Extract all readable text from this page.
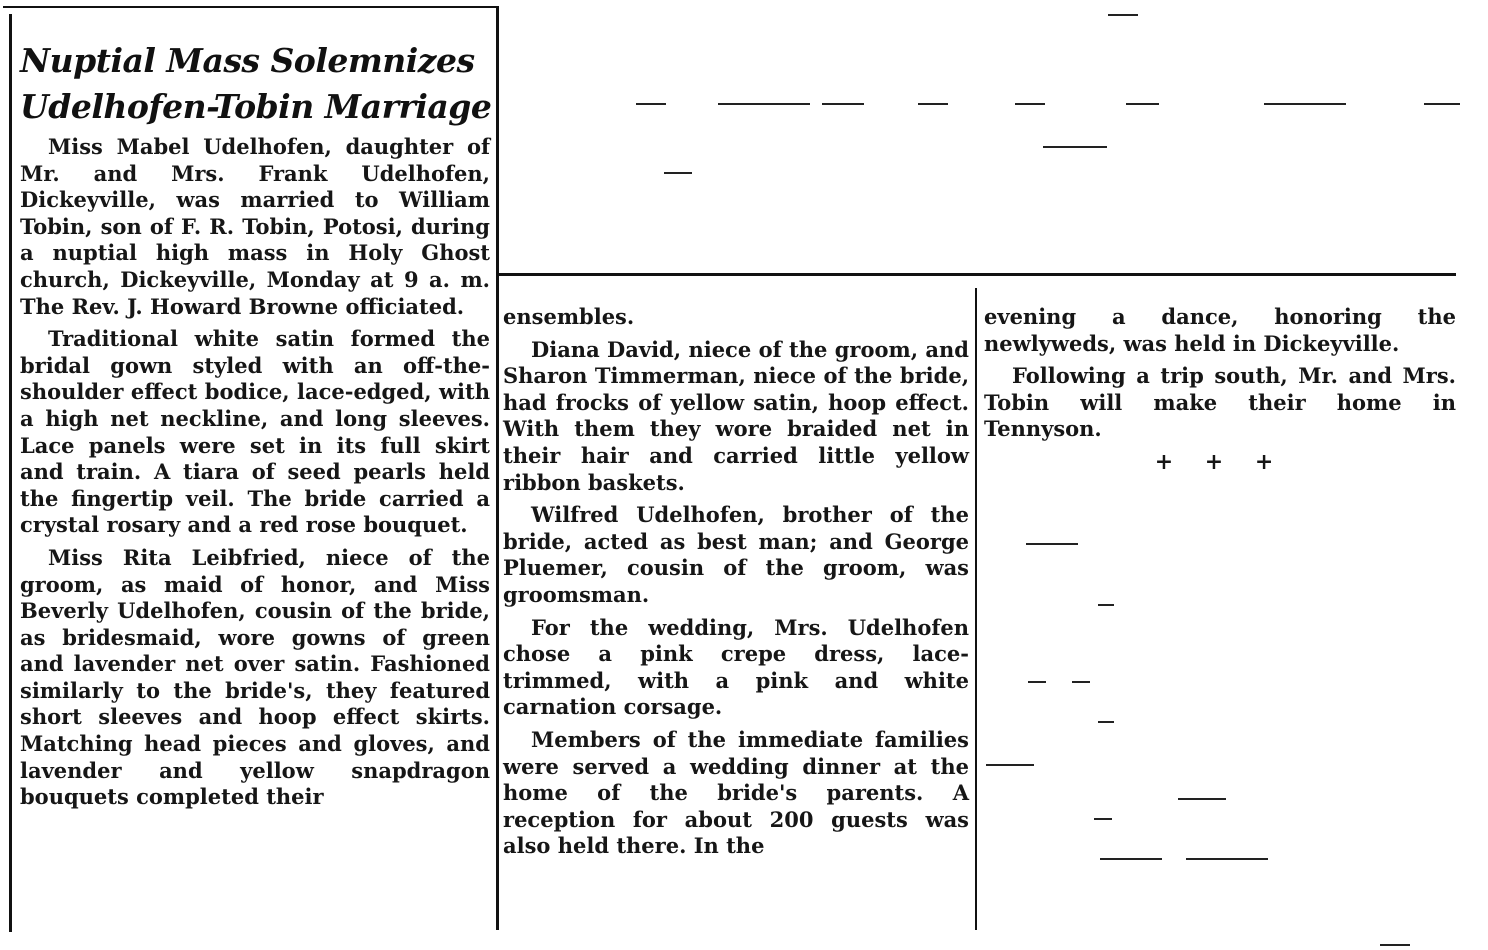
Nuptial Mass Solemnizes
Udelhofen-Tobin Marriage

Miss Mabel Udelhofen, daughter of Mr. and Mrs. Frank Udelhofen, Dickeyville, was married to William Tobin, son of F. R. Tobin, Potosi, during a nuptial high mass in Holy Ghost church, Dickeyville, Monday at 9 a. m. The Rev. J. Howard Browne officiated.

Traditional white satin formed the bridal gown styled with an off-the-shoulder effect bodice, lace-edged, with a high net neckline, and long sleeves. Lace panels were set in its full skirt and train. A tiara of seed pearls held the fingertip veil. The bride carried a crystal rosary and a red rose bouquet.

Miss Rita Leibfried, niece of the groom, as maid of honor, and Miss Beverly Udelhofen, cousin of the bride, as bridesmaid, wore gowns of green and lavender net over satin. Fashioned similarly to the bride's, they featured short sleeves and hoop effect skirts. Matching head pieces and gloves, and lavender and yellow snapdragon bouquets completed their

ensembles.

Diana David, niece of the groom, and Sharon Timmerman, niece of the bride, had frocks of yellow satin, hoop effect. With them they wore braided net in their hair and carried little yellow ribbon baskets.

Wilfred Udelhofen, brother of the bride, acted as best man; and George Pluemer, cousin of the groom, was groomsman.

For the wedding, Mrs. Udelhofen chose a pink crepe dress, lace-trimmed, with a pink and white carnation corsage.

Members of the immediate families were served a wedding dinner at the home of the bride's parents. A reception for about 200 guests was also held there. In the

evening a dance, honoring the newlyweds, was held in Dickeyville.

Following a trip south, Mr. and Mrs. Tobin will make their home in Tennyson.

+ + +
